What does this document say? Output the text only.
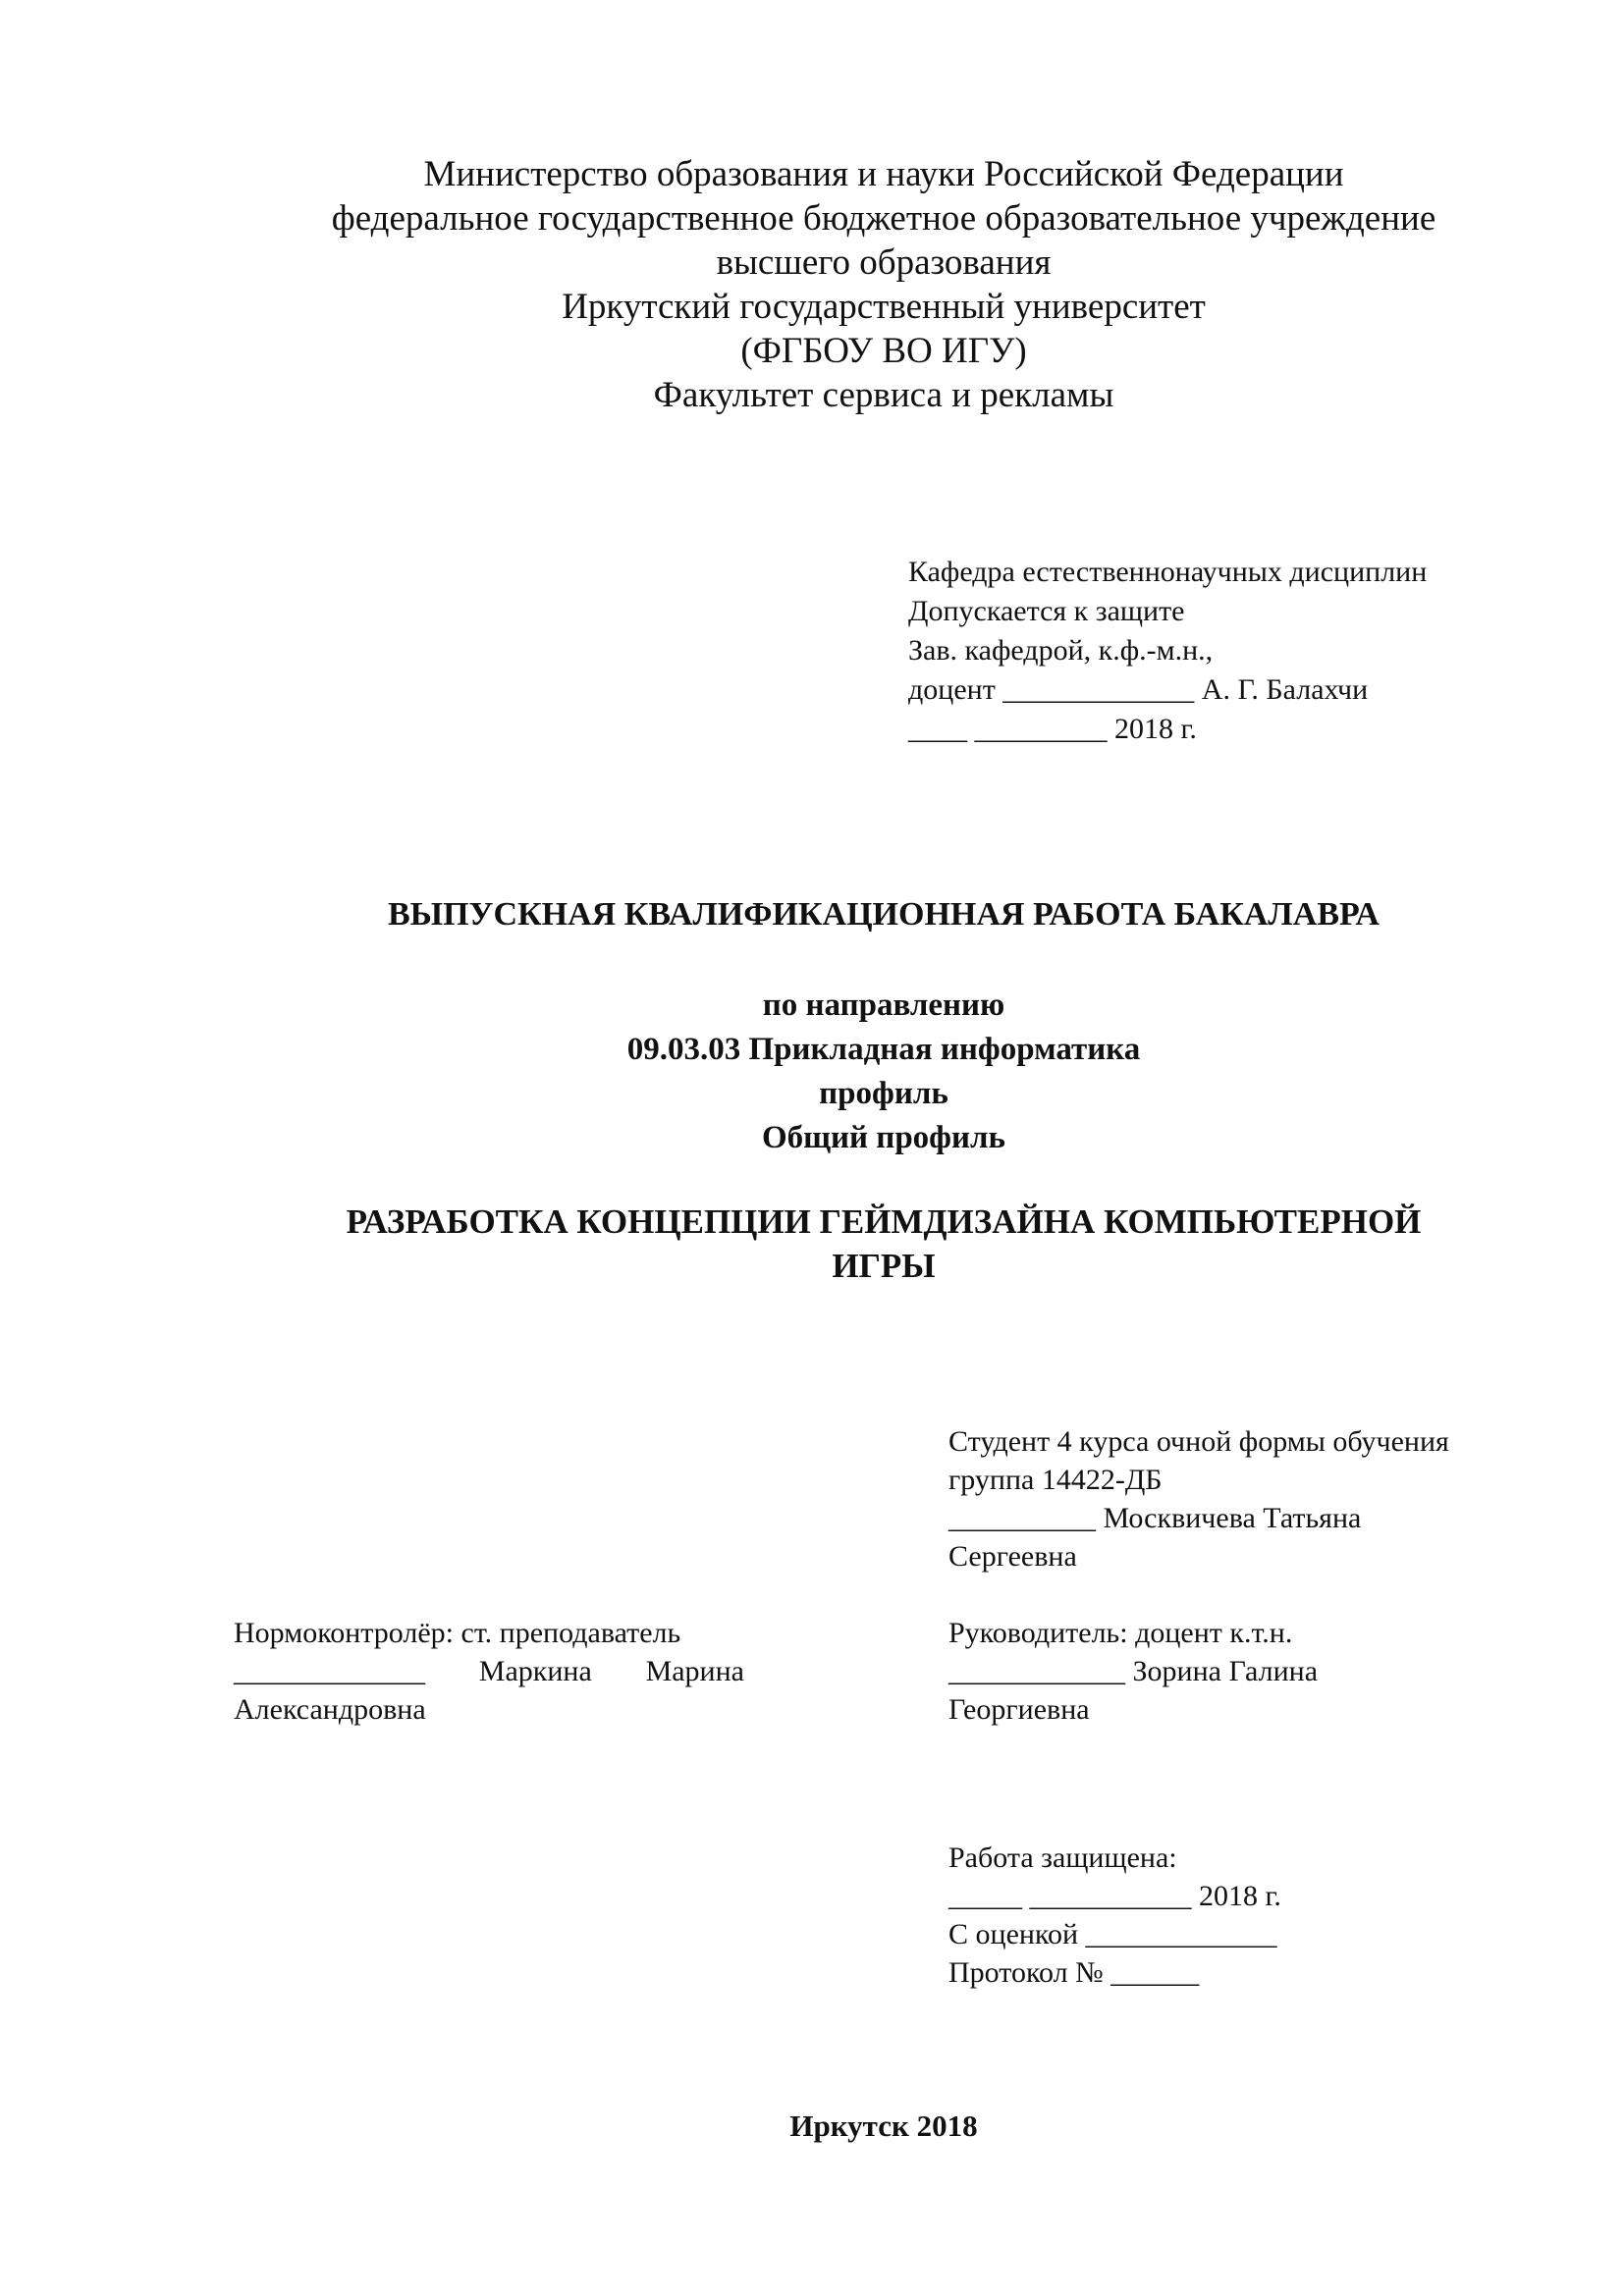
Министерство образования и науки Российской Федерации
федеральное государственное бюджетное образовательное учреждение
высшего образования
Иркутский государственный университет
(ФГБОУ ВО ИГУ)
Факультет сервиса и рекламы
Кафедра естественнонаучных дисциплин
Допускается к защите
Зав. кафедрой, к.ф.-м.н.,
доцент _____________ А. Г. Балахчи
____ _________ 2018 г.
ВЫПУСКНАЯ КВАЛИФИКАЦИОННАЯ РАБОТА БАКАЛАВРА
по направлению
09.03.03 Прикладная информатика
профиль
Общий профиль
РАЗРАБОТКА КОНЦЕПЦИИ ГЕЙМДИЗАЙНА КОМПЬЮТЕРНОЙ
ИГРЫ
Студент 4 курса очной формы обучения
группа 14422-ДБ
__________ Москвичева Татьяна
Сергеевна
Нормоконтролёр: ст. преподаватель
_____________ Маркина Марина
Александровна
Руководитель: доцент к.т.н.
____________ Зорина Галина
Георгиевна
Работа защищена:
_____ ___________ 2018 г.
С оценкой _____________
Протокол № ______
Иркутск 2018
